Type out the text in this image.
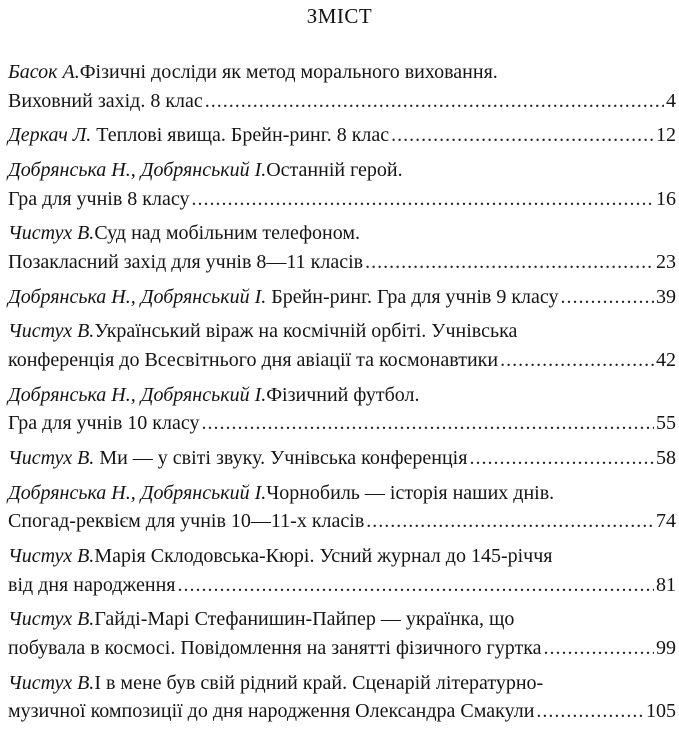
ЗМІСТ
Басок А. Фізичні досліди як метод морального виховання.
Виховний захід. 8 клас .....	4
Деркач Л.
Теплові явища. Брейн-ринг. 8 клас .....	12
Добрянська Н., Добрянський І. Останній герой.
Гра для учнів 8 класу .....	16
Чистух В. Суд над мобільним телефоном.
Позакласний захід для учнів 8—11 класів .....	23
Добрянська Н., Добрянський І.
Брейн-ринг. Гра для учнів 9 класу .....	39
Чистух В. Український віраж на космічній орбіті. Учнівська
конференція до Всесвітнього дня авіації та космонавтики .....	42
Добрянська Н., Добрянський І. Фізичний футбол.
Гра для учнів 10 класу .....	55
Чистух В.
Ми — у світі звуку. Учнівська конференція .....	58
Добрянська Н., Добрянський І. Чорнобиль — історія наших днів.
Спогад-реквієм для учнів 10—11-х класів .....	74
Чистух В. Марія Склодовська-Кюрі. Усний журнал до 145-річчя
від дня народження .....	81
Чистух В. Гайді-Марі Стефанишин-Пайпер — українка, що
побувала в космосі. Повідомлення на занятті фізичного гуртка .....	99
Чистух В. І в мене був свій рідний край. Сценарій літературно-
музичної композиції до дня народження Олександра Смакули .....	105
